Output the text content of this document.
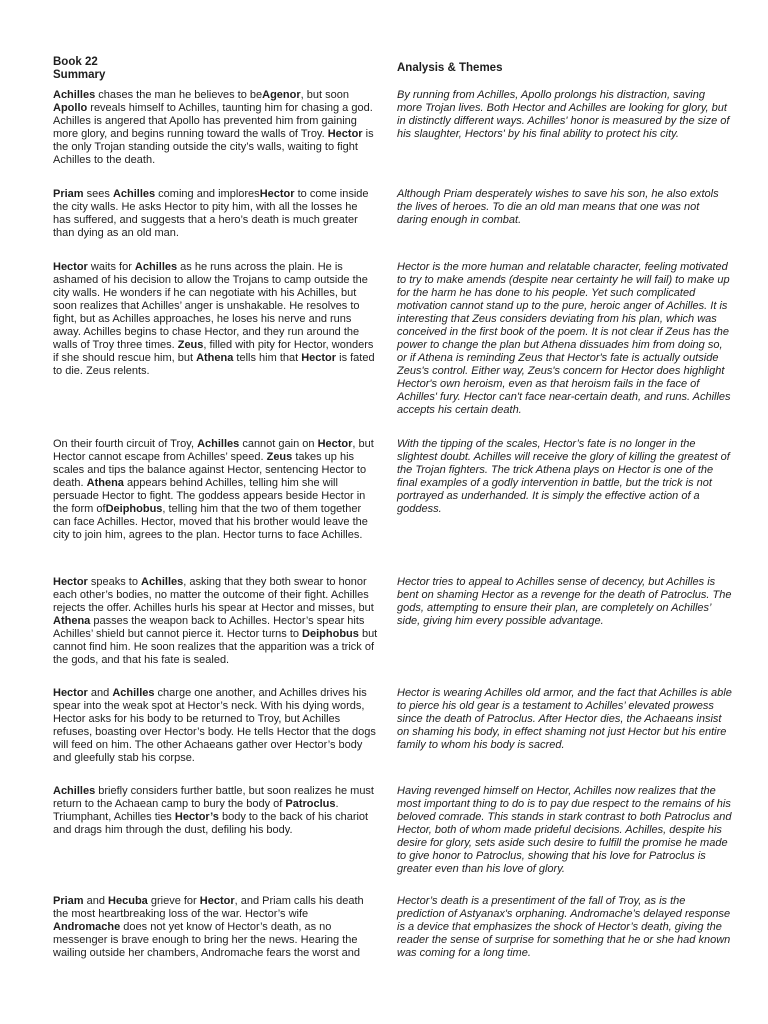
Book 22
Summary
Analysis & Themes
Achilles chases the man he believes to beAgenor, but soon Apollo reveals himself to Achilles, taunting him for chasing a god. Achilles is angered that Apollo has prevented him from gaining more glory, and begins running toward the walls of Troy. Hector is the only Trojan standing outside the city’s walls, waiting to fight Achilles to the death.
By running from Achilles, Apollo prolongs his distraction, saving more Trojan lives. Both Hector and Achilles are looking for glory, but in distinctly different ways. Achilles' honor is measured by the size of his slaughter, Hectors' by his final ability to protect his city.
Priam sees Achilles coming and imploresHector to come inside the city walls. He asks Hector to pity him, with all the losses he has suffered, and suggests that a hero’s death is much greater than dying as an old man.
Although Priam desperately wishes to save his son, he also extols the lives of heroes. To die an old man means that one was not daring enough in combat.
Hector waits for Achilles as he runs across the plain. He is ashamed of his decision to allow the Trojans to camp outside the city walls. He wonders if he can negotiate with his Achilles, but soon realizes that Achilles’ anger is unshakable. He resolves to fight, but as Achilles approaches, he loses his nerve and runs away. Achilles begins to chase Hector, and they run around the walls of Troy three times. Zeus, filled with pity for Hector, wonders if she should rescue him, but Athena tells him that Hector is fated to die. Zeus relents.
Hector is the more human and relatable character, feeling motivated to try to make amends (despite near certainty he will fail) to make up for the harm he has done to his people. Yet such complicated motivation cannot stand up to the pure, heroic anger of Achilles. It is interesting that Zeus considers deviating from his plan, which was conceived in the first book of the poem. It is not clear if Zeus has the power to change the plan but Athena dissuades him from doing so, or if Athena is reminding Zeus that Hector's fate is actually outside Zeus's control. Either way, Zeus's concern for Hector does highlight Hector's own heroism, even as that heroism fails in the face of Achilles' fury. Hector can't face near-certain death, and runs. Achilles accepts his certain death.
On their fourth circuit of Troy, Achilles cannot gain on Hector, but Hector cannot escape from Achilles’ speed. Zeus takes up his scales and tips the balance against Hector, sentencing Hector to death. Athena appears behind Achilles, telling him she will persuade Hector to fight. The goddess appears beside Hector in the form ofDeiphobus, telling him that the two of them together can face Achilles. Hector, moved that his brother would leave the city to join him, agrees to the plan. Hector turns to face Achilles.
With the tipping of the scales, Hector’s fate is no longer in the slightest doubt. Achilles will receive the glory of killing the greatest of the Trojan fighters. The trick Athena plays on Hector is one of the final examples of a godly intervention in battle, but the trick is not portrayed as underhanded. It is simply the effective action of a goddess.
Hector speaks to Achilles, asking that they both swear to honor each other’s bodies, no matter the outcome of their fight. Achilles rejects the offer. Achilles hurls his spear at Hector and misses, but Athena passes the weapon back to Achilles. Hector’s spear hits Achilles’ shield but cannot pierce it. Hector turns to Deiphobus but cannot find him. He soon realizes that the apparition was a trick of the gods, and that his fate is sealed.
Hector tries to appeal to Achilles sense of decency, but Achilles is bent on shaming Hector as a revenge for the death of Patroclus. The gods, attempting to ensure their plan, are completely on Achilles’ side, giving him every possible advantage.
Hector and Achilles charge one another, and Achilles drives his spear into the weak spot at Hector’s neck. With his dying words, Hector asks for his body to be returned to Troy, but Achilles refuses, boasting over Hector’s body. He tells Hector that the dogs will feed on him. The other Achaeans gather over Hector’s body and gleefully stab his corpse.
Hector is wearing Achilles old armor, and the fact that Achilles is able to pierce his old gear is a testament to Achilles’ elevated prowess since the death of Patroclus. After Hector dies, the Achaeans insist on shaming his body, in effect shaming not just Hector but his entire family to whom his body is sacred.
Achilles briefly considers further battle, but soon realizes he must return to the Achaean camp to bury the body of Patroclus. Triumphant, Achilles ties Hector’s body to the back of his chariot and drags him through the dust, defiling his body.
Having revenged himself on Hector, Achilles now realizes that the most important thing to do is to pay due respect to the remains of his beloved comrade. This stands in stark contrast to both Patroclus and Hector, both of whom made prideful decisions. Achilles, despite his desire for glory, sets aside such desire to fulfill the promise he made to give honor to Patroclus, showing that his love for Patroclus is greater even than his love of glory.
Priam and Hecuba grieve for Hector, and Priam calls his death the most heartbreaking loss of the war. Hector’s wife Andromache does not yet know of Hector’s death, as no messenger is brave enough to bring her the news. Hearing the wailing outside her chambers, Andromache fears the worst and
Hector’s death is a presentiment of the fall of Troy, as is the prediction of Astyanax's orphaning. Andromache’s delayed response is a device that emphasizes the shock of Hector’s death, giving the reader the sense of surprise for something that he or she had known was coming for a long time.
